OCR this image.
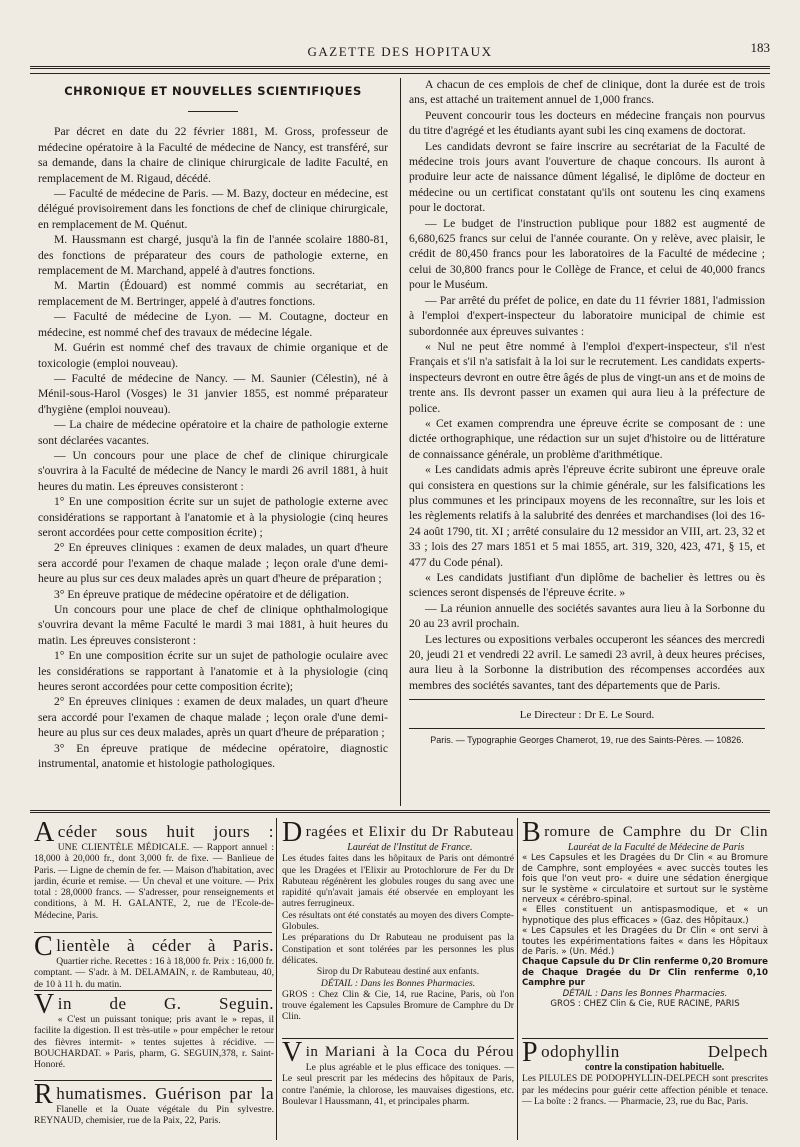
GAZETTE DES HOPITAUX	183
CHRONIQUE ET NOUVELLES SCIENTIFIQUES

Par décret en date du 22 février 1881, M. Gross, professeur de médecine opératoire à la Faculté de médecine de Nancy, est transféré, sur sa demande, dans la chaire de clinique chirurgicale de ladite Faculté, en remplacement de M. Rigaud, décédé.

— Faculté de médecine de Paris. — M. Bazy, docteur en médecine, est délégué provisoirement dans les fonctions de chef de clinique chirurgicale, en remplacement de M. Quénut.

M. Haussmann est chargé, jusqu'à la fin de l'année scolaire 1880-81, des fonctions de préparateur des cours de pathologie externe, en remplacement de M. Marchand, appelé à d'autres fonctions.

M. Martin (Édouard) est nommé commis au secrétariat, en remplacement de M. Bertringer, appelé à d'autres fonctions.

— Faculté de médecine de Lyon. — M. Coutagne, docteur en médecine, est nommé chef des travaux de médecine légale.

M. Guérin est nommé chef des travaux de chimie organique et de toxicologie (emploi nouveau).

— Faculté de médecine de Nancy. — M. Saunier (Célestin), né à Ménil-sous-Harol (Vosges) le 31 janvier 1855, est nommé préparateur d'hygiène (emploi nouveau).

— La chaire de médecine opératoire et la chaire de pathologie externe sont déclarées vacantes.

— Un concours pour une place de chef de clinique chirurgicale s'ouvrira à la Faculté de médecine de Nancy le mardi 26 avril 1881, à huit heures du matin. Les épreuves consisteront :

1° En une composition écrite sur un sujet de pathologie externe avec considérations se rapportant à l'anatomie et à la physiologie (cinq heures seront accordées pour cette composition écrite) ;

2° En épreuves cliniques : examen de deux malades, un quart d'heure sera accordé pour l'examen de chaque malade ; leçon orale d'une demi-heure au plus sur ces deux malades après un quart d'heure de préparation ;

3° En épreuve pratique de médecine opératoire et de déligation.

Un concours pour une place de chef de clinique ophthalmologique s'ouvrira devant la même Faculté le mardi 3 mai 1881, à huit heures du matin. Les épreuves consisteront :

1° En une composition écrite sur un sujet de pathologie oculaire avec les considérations se rapportant à l'anatomie et à la physiologie (cinq heures seront accordées pour cette composition écrite);

2° En épreuves cliniques : examen de deux malades, un quart d'heure sera accordé pour l'examen de chaque malade ; leçon orale d'une demi-heure au plus sur ces deux malades, après un quart d'heure de préparation ;

3° En épreuve pratique de médecine opératoire, diagnostic instrumental, anatomie et histologie pathologiques.

A chacun de ces emplois de chef de clinique, dont la durée est de trois ans, est attaché un traitement annuel de 1,000 francs.

Peuvent concourir tous les docteurs en médecine français non pourvus du titre d'agrégé et les étudiants ayant subi les cinq examens de doctorat.

Les candidats devront se faire inscrire au secrétariat de la Faculté de médecine trois jours avant l'ouverture de chaque concours. Ils auront à produire leur acte de naissance dûment légalisé, le diplôme de docteur en médecine ou un certificat constatant qu'ils ont soutenu les cinq examens pour le doctorat.

— Le budget de l'instruction publique pour 1882 est augmenté de 6,680,625 francs sur celui de l'année courante. On y relève, avec plaisir, le crédit de 80,450 francs pour les laboratoires de la Faculté de médecine ; celui de 30,800 francs pour le Collège de France, et celui de 40,000 francs pour le Muséum.

— Par arrêté du préfet de police, en date du 11 février 1881, l'admission à l'emploi d'expert-inspecteur du laboratoire municipal de chimie est subordonnée aux épreuves suivantes :

« Nul ne peut être nommé à l'emploi d'expert-inspecteur, s'il n'est Français et s'il n'a satisfait à la loi sur le recrutement. Les candidats experts-inspecteurs devront en outre être âgés de plus de vingt-un ans et de moins de trente ans. Ils devront passer un examen qui aura lieu à la préfecture de police.

« Cet examen comprendra une épreuve écrite se composant de : une dictée orthographique, une rédaction sur un sujet d'histoire ou de littérature de connaissance générale, un problème d'arithmétique.

« Les candidats admis après l'épreuve écrite subiront une épreuve orale qui consistera en questions sur la chimie générale, sur les falsifications les plus communes et les principaux moyens de les reconnaître, sur les lois et les règlements relatifs à la salubrité des denrées et marchandises (loi des 16-24 août 1790, tit. XI ; arrêté consulaire du 12 messidor an VIII, art. 23, 32 et 33 ; lois des 27 mars 1851 et 5 mai 1855, art. 319, 320, 423, 471, § 15, et 477 du Code pénal).

« Les candidats justifiant d'un diplôme de bachelier ès lettres ou ès sciences seront dispensés de l'épreuve écrite. »

— La réunion annuelle des sociétés savantes aura lieu à la Sorbonne du 20 au 23 avril prochain.

Les lectures ou expositions verbales occuperont les séances des mercredi 20, jeudi 21 et vendredi 22 avril. Le samedi 23 avril, à deux heures précises, aura lieu à la Sorbonne la distribution des récompenses accordées aux membres des sociétés savantes, tant des départements que de Paris.

Le Directeur : Dr E. Le Sourd.
Paris. — Typographie Georges Chamerot, 19, rue des Saints-Pères. — 10826.
Acéder sous huit jours :

UNE CLIENTÈLE MÉDICALE. — Rapport annuel : 18,000 à 20,000 fr., dont 3,000 fr. de fixe. — Banlieue de Paris. — Ligne de chemin de fer. — Maison d'habitation, avec jardin, écurie et remise. — Un cheval et une voiture. — Prix total : 28,0000 francs. — S'adresser, pour renseignements et conditions, à M. H. GALANTE, 2, rue de l'Ecole-de-Médecine, Paris.

Clientèle à céder à Paris.

Quartier riche. Recettes : 16 à 18,000 fr. Prix : 16,000 fr. comptant. — S'adr. à M. DELAMAIN, r. de Rambuteau, 40, de 10 à 11 h. du matin.

Vin de G. Seguin.

« C'est un puissant tonique; pris avant le » repas, il facilite la digestion. Il est très-utile » pour empêcher le retour des fièvres intermit- » tentes sujettes à récidive. — BOUCHARDAT. » Paris, pharm, G. SEGUIN,378, r. Saint-Honoré.

Rhumatismes. Guérison par la

Flanelle et la Ouate végétale du Pin sylvestre. REYNAUD, chemisier, rue de la Paix, 22, Paris.

Dragées et Elixir du Dr Rabuteau
Lauréat de l'Institut de France.

Les études faites dans les hôpitaux de Paris ont démontré que les Dragées et l'Elixir au Protochlorure de Fer du Dr Rabuteau régénèrent les globules rouges du sang avec une rapidité qu'n'avait jamais été observée en employant les autres ferrugineux.

Ces résultats ont été constatés au moyen des divers Compte-Globules.

Les préparations du Dr Rabuteau ne produisent pas la Constipation et sont tolérées par les personnes les plus délicates.

Sirop du Dr Rabuteau destiné aux enfants.

DÉTAIL : Dans les Bonnes Pharmacies.

GROS : Chez Clin & Cie, 14, rue Racine, Paris, où l'on trouve également les Capsules Bromure de Camphre du Dr Clin.

Vin Mariani à la Coca du Pérou

Le plus agréable et le plus efficace des toniques. — Le seul prescrit par les médecins des hôpitaux de Paris, contre l'anémie, la chlorose, les mauvaises digestions, etc. Boulevar l Haussmann, 41, et principales pharm.

Bromure de Camphre du Dr Clin
Lauréat de la Faculté de Médecine de Paris

« Les Capsules et les Dragées du Dr Clin « au Bromure de Camphre, sont employées « avec succès toutes les fois que l'on veut pro- « duire une sédation énergique sur le système « circulatoire et surtout sur le système nerveux « cérébro-spinal.

« Elles constituent un antispasmodique, et « un hypnotique des plus efficaces » (Gaz. des Hôpitaux.)

« Les Capsules et les Dragées du Dr Clin « ont servi à toutes les expérimentations faites « dans les Hôpitaux de Paris. » (Un. Méd.)

Chaque Capsule du Dr Clin renferme 0,20 Bromure de Chaque Dragée du Dr Clin renferme 0,10 Camphre pur

DÉTAIL : Dans les Bonnes Pharmacies.

GROS : CHEZ Clin & Cie, RUE RACINE, PARIS

Podophyllin Delpech
contre la constipation habituelle.

Les PILULES DE PODOPHYLLIN-DELPECH sont prescrites par les médecins pour guérir cette affection pénible et tenace. — La boîte : 2 francs. — Pharmacie, 23, rue du Bac, Paris.
